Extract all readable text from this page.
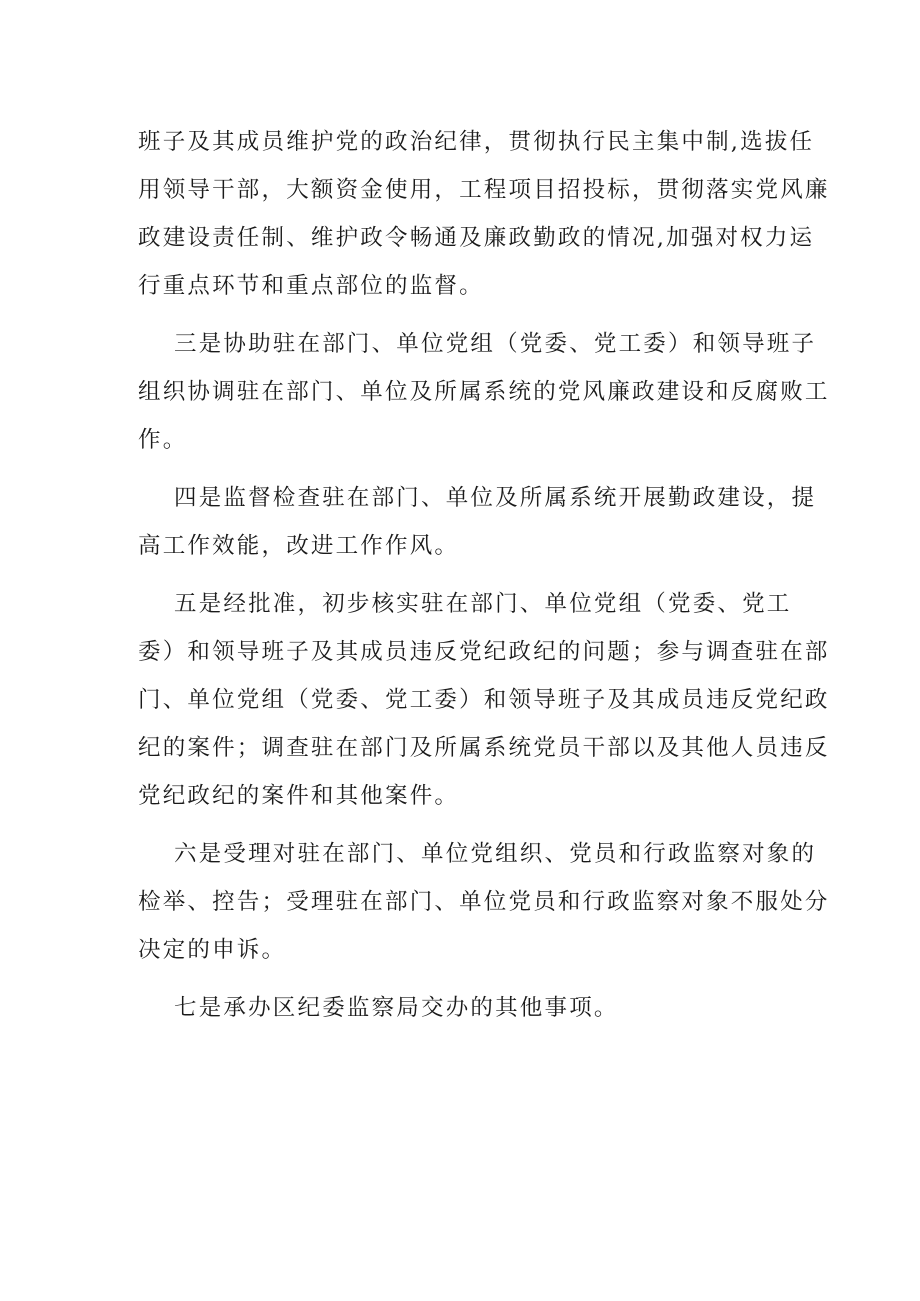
班子及其成员维护党的政治纪律，贯彻执行民主集中制,选拔任
用领导干部，大额资金使用，工程项目招投标，贯彻落实党风廉
政建设责任制、维护政令畅通及廉政勤政的情况,加强对权力运
行重点环节和重点部位的监督。

三是协助驻在部门、单位党组（党委、党工委）和领导班子
组织协调驻在部门、单位及所属系统的党风廉政建设和反腐败工
作。

四是监督检查驻在部门、单位及所属系统开展勤政建设，提
高工作效能，改进工作作风。

五是经批准，初步核实驻在部门、单位党组（党委、党工
委）和领导班子及其成员违反党纪政纪的问题；参与调查驻在部
门、单位党组（党委、党工委）和领导班子及其成员违反党纪政
纪的案件；调查驻在部门及所属系统党员干部以及其他人员违反
党纪政纪的案件和其他案件。

六是受理对驻在部门、单位党组织、党员和行政监察对象的
检举、控告；受理驻在部门、单位党员和行政监察对象不服处分
决定的申诉。

七是承办区纪委监察局交办的其他事项。
